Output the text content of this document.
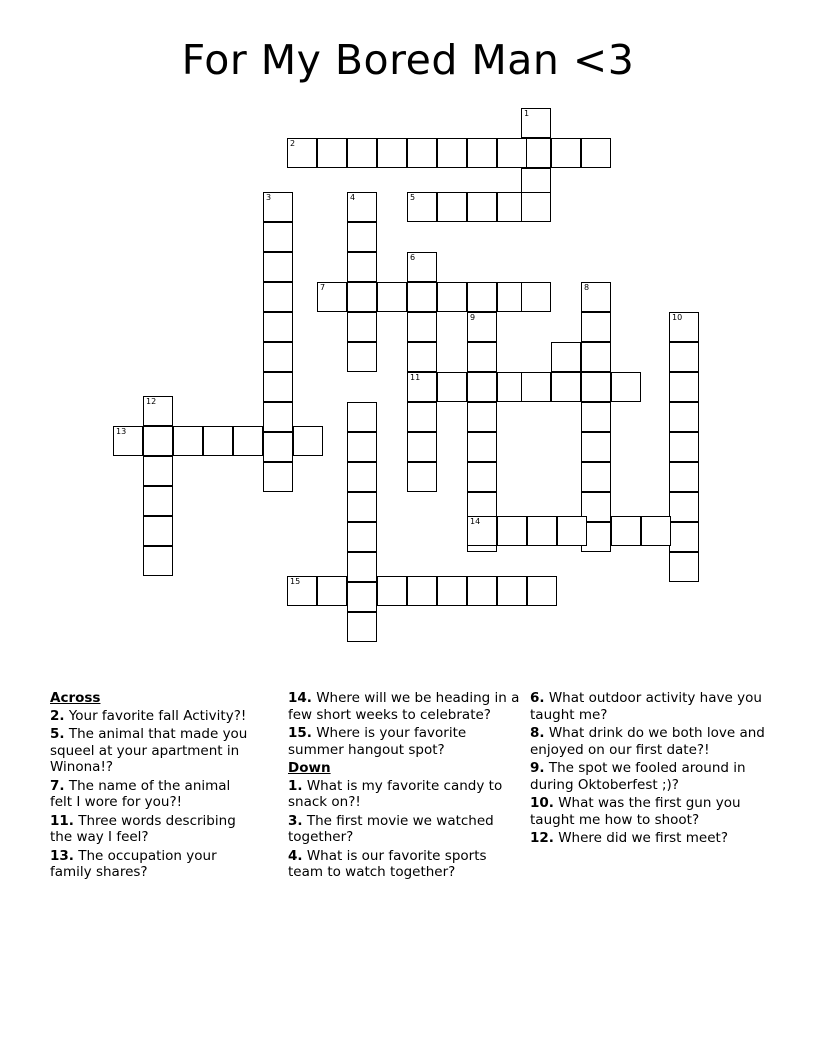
For My Bored Man <3
1
2
3	4	5
6
7	8
9	10
11
12
13
14
15
Across
2. Your favorite fall Activity?!
5. The animal that made you squeel at your apartment in Winona!?
7. The name of the animal felt I wore for you?!
11. Three words describing the way I feel?
13. The occupation your family shares?
14. Where will we be heading in a few short weeks to celebrate?
15. Where is your favorite summer hangout spot?
Down
1. What is my favorite candy to snack on?!
3. The first movie we watched together?
4. What is our favorite sports team to watch together?
6. What outdoor activity have you taught me?
8. What drink do we both love and enjoyed on our first date?!
9. The spot we fooled around in during Oktoberfest ;)?
10. What was the first gun you taught me how to shoot?
12. Where did we first meet?
